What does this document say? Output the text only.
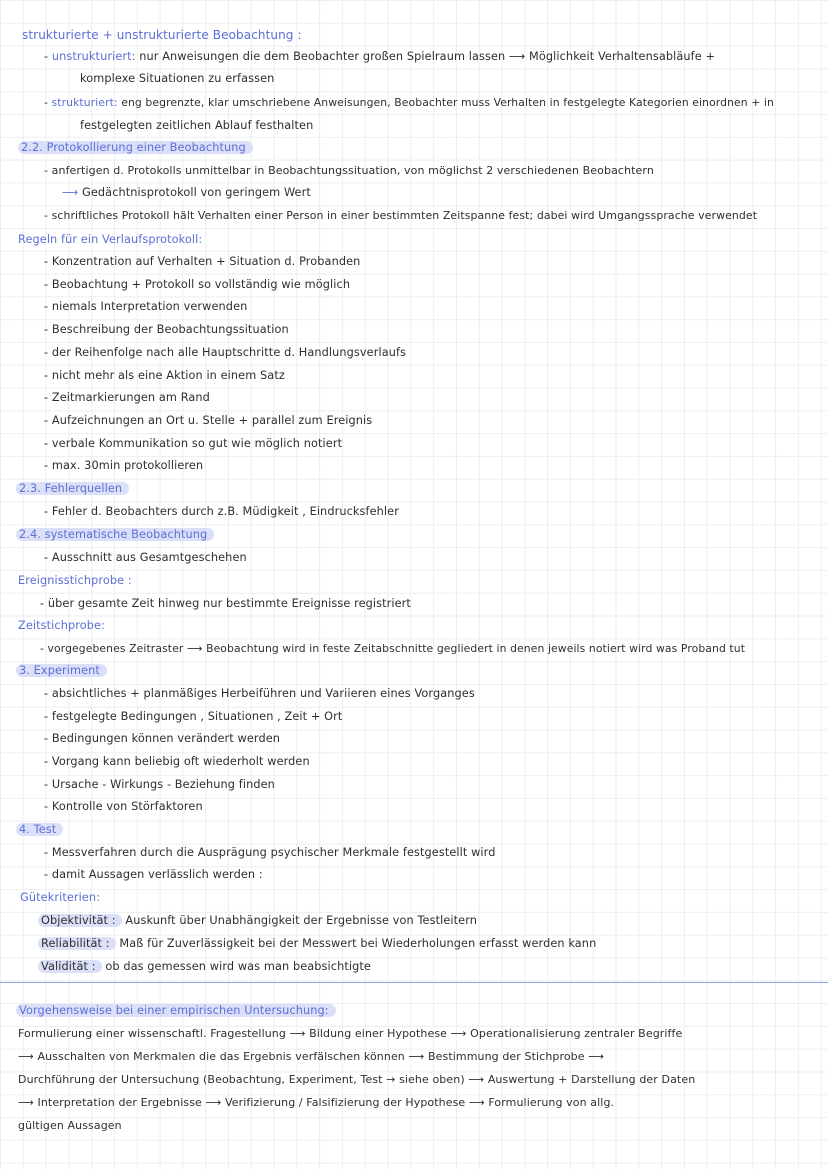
strukturierte + unstrukturierte Beobachtung :
- unstrukturiert: nur Anweisungen die dem Beobachter großen Spielraum lassen ⟶ Möglichkeit Verhaltensabläufe +
komplexe Situationen zu erfassen
- strukturiert: eng begrenzte, klar umschriebene Anweisungen, Beobachter muss Verhalten in festgelegte Kategorien einordnen + in
festgelegten zeitlichen Ablauf festhalten
2.2. Protokollierung einer Beobachtung
- anfertigen d. Protokolls unmittelbar in Beobachtungssituation, von möglichst 2 verschiedenen Beobachtern
⟶ Gedächtnisprotokoll von geringem Wert
- schriftliches Protokoll hält Verhalten einer Person in einer bestimmten Zeitspanne fest; dabei wird Umgangssprache verwendet
Regeln für ein Verlaufsprotokoll:
- Konzentration auf Verhalten + Situation d. Probanden
- Beobachtung + Protokoll so vollständig wie möglich
- niemals Interpretation verwenden
- Beschreibung der Beobachtungssituation
- der Reihenfolge nach alle Hauptschritte d. Handlungsverlaufs
- nicht mehr als eine Aktion in einem Satz
- Zeitmarkierungen am Rand
- Aufzeichnungen an Ort u. Stelle + parallel zum Ereignis
- verbale Kommunikation so gut wie möglich notiert
- max. 30min protokollieren
2.3. Fehlerquellen
- Fehler d. Beobachters durch z.B. Müdigkeit , Eindrucksfehler
2.4. systematische Beobachtung
- Ausschnitt aus Gesamtgeschehen
Ereignisstichprobe :
- über gesamte Zeit hinweg nur bestimmte Ereignisse registriert
Zeitstichprobe:
- vorgegebenes Zeitraster ⟶ Beobachtung wird in feste Zeitabschnitte gegliedert in denen jeweils notiert wird was Proband tut
3. Experiment
- absichtliches + planmäßiges Herbeiführen und Variieren eines Vorganges
- festgelegte Bedingungen , Situationen , Zeit + Ort
- Bedingungen können verändert werden
- Vorgang kann beliebig oft wiederholt werden
- Ursache - Wirkungs - Beziehung finden
- Kontrolle von Störfaktoren
4. Test
- Messverfahren durch die Ausprägung psychischer Merkmale festgestellt wird
- damit Aussagen verlässlich werden :
Gütekriterien:
Objektivität : Auskunft über Unabhängigkeit der Ergebnisse von Testleitern
Reliabilität : Maß für Zuverlässigkeit bei der Messwert bei Wiederholungen erfasst werden kann
Validität : ob das gemessen wird was man beabsichtigte
Vorgehensweise bei einer empirischen Untersuchung:
Formulierung einer wissenschaftl. Fragestellung ⟶ Bildung einer Hypothese ⟶ Operationalisierung zentraler Begriffe
⟶ Ausschalten von Merkmalen die das Ergebnis verfälschen können ⟶ Bestimmung der Stichprobe ⟶
Durchführung der Untersuchung (Beobachtung, Experiment, Test → siehe oben) ⟶ Auswertung + Darstellung der Daten
⟶ Interpretation der Ergebnisse ⟶ Verifizierung / Falsifizierung der Hypothese ⟶ Formulierung von allg.
gültigen Aussagen
